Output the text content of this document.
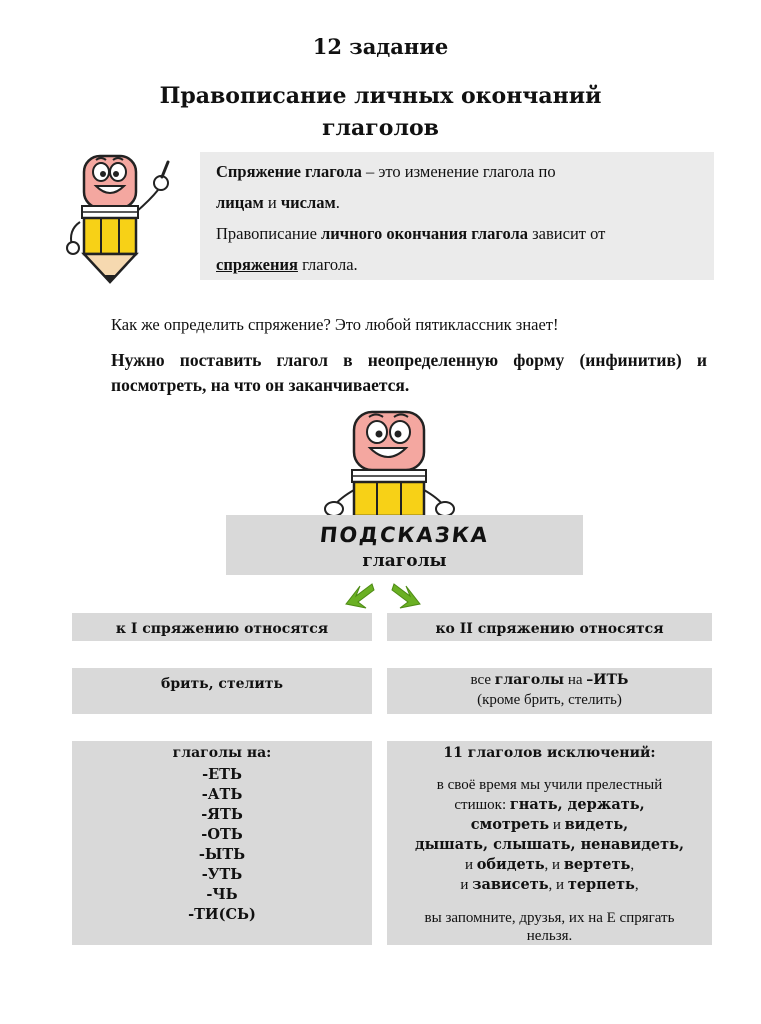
12 задание
Правописание личных окончаний
глаголов

Спряжение глагола – это изменение глагола по

лицам и числам.

Правописание личного окончания глагола зависит от

спряжения глагола.

Как же определить спряжение? Это любой пятиклассник знает!
Нужно поставить глагол в неопределенную форму (инфинитив) и посмотреть, на что он заканчивается.
ПОДСКАЗКА
глаголы
к I спряжению относятся	ко II спряжению относятся
брить, стелить	все глаголы на –ИТЬ
(кроме брить, стелить)
глаголы на:
-ЕТЬ
-АТЬ
-ЯТЬ
-ОТЬ
-ЫТЬ
-УТЬ
-ЧЬ
-ТИ(СЬ)
11 глаголов исключений:
в своё время мы учили прелестный
стишок: гнать, держать,
смотреть и видеть,
дышать, слышать, ненавидеть,
и обидеть, и вертеть,
и зависеть, и терпеть,
вы запомните, друзья, их на Е спрягать
нельзя.
